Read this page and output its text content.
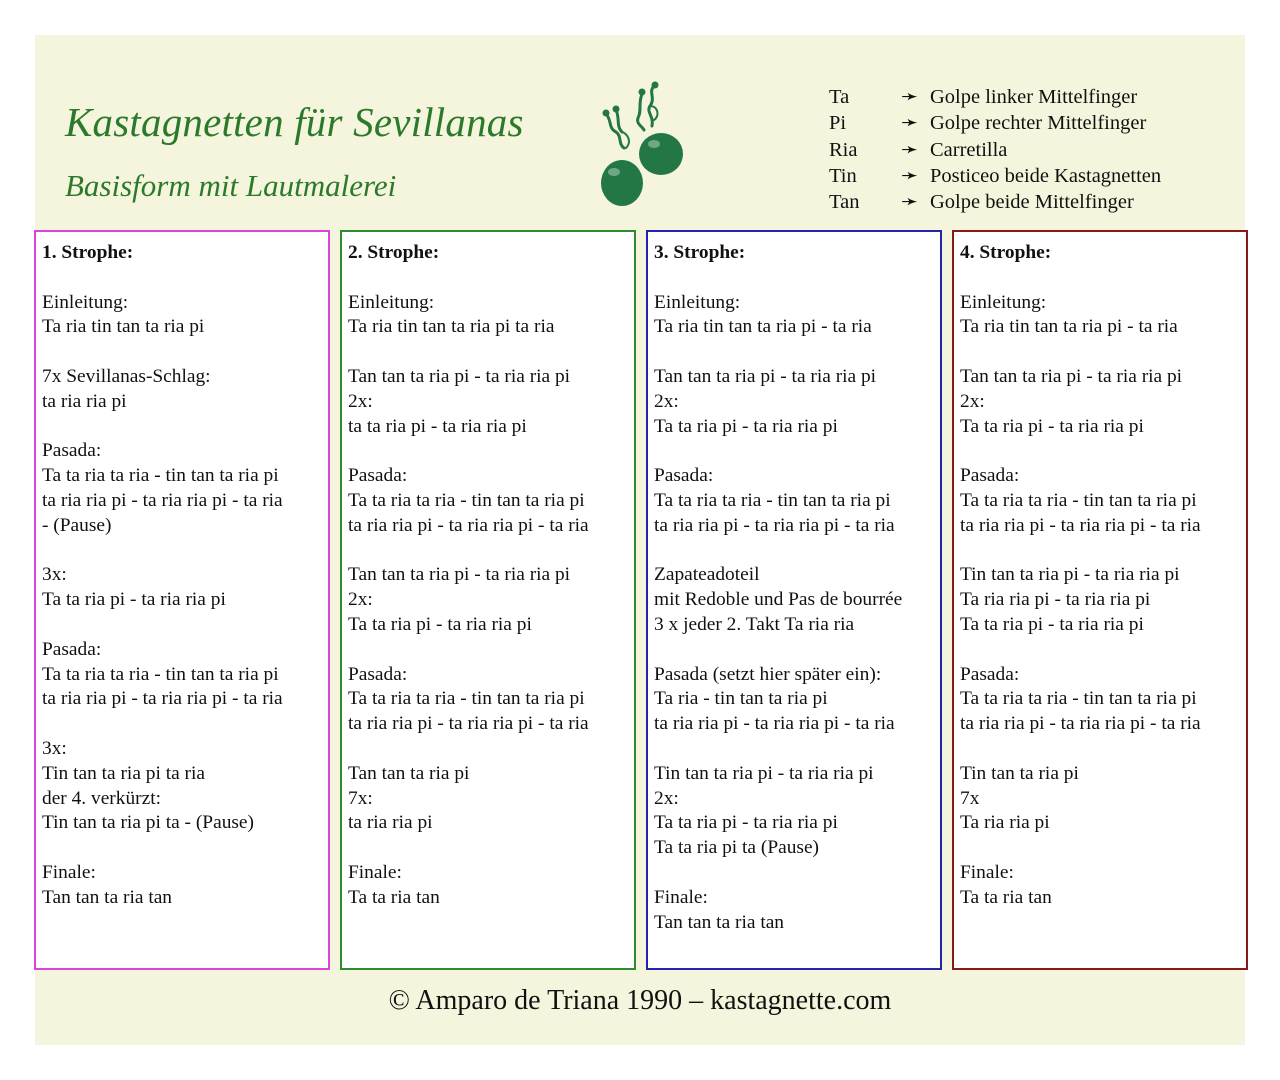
Kastagnetten für Sevillanas
Basisform mit Lautmalerei
Ta	➛ Golpe linker Mittelfinger
Pi	➛ Golpe rechter Mittelfinger
Ria	➛ Carretilla
Tin	➛ Posticeo beide Kastagnetten
Tan	➛ Golpe beide Mittelfinger
1. Strophe:
Einleitung:
Ta ria tin tan ta ria pi
7x Sevillanas-Schlag:
ta ria ria pi
Pasada:
Ta ta ria ta ria - tin tan ta ria pi
ta ria ria pi - ta ria ria pi - ta ria
- (Pause)
3x:
Ta ta ria pi - ta ria ria pi
Pasada:
Ta ta ria ta ria - tin tan ta ria pi
ta ria ria pi - ta ria ria pi - ta ria
3x:
Tin tan ta ria pi ta ria
der 4. verkürzt:
Tin tan ta ria pi ta - (Pause)
Finale:
Tan tan ta ria tan
2. Strophe:
Einleitung:
Ta ria tin tan ta ria pi ta ria
Tan tan ta ria pi - ta ria ria pi
2x:
ta ta ria pi - ta ria ria pi
Pasada:
Ta ta ria ta ria - tin tan ta ria pi
ta ria ria pi - ta ria ria pi - ta ria
Tan tan ta ria pi - ta ria ria pi
2x:
Ta ta ria pi - ta ria ria pi
Pasada:
Ta ta ria ta ria - tin tan ta ria pi
ta ria ria pi - ta ria ria pi - ta ria
Tan tan ta ria pi
7x:
ta ria ria pi
Finale:
Ta ta ria tan
3. Strophe:
Einleitung:
Ta ria tin tan ta ria pi - ta ria
Tan tan ta ria pi - ta ria ria pi
2x:
Ta ta ria pi - ta ria ria pi
Pasada:
Ta ta ria ta ria - tin tan ta ria pi
ta ria ria pi - ta ria ria pi - ta ria
Zapateadoteil
mit Redoble und Pas de bourrée
3 x jeder 2. Takt Ta ria ria
Pasada (setzt hier später ein):
Ta ria - tin tan ta ria pi
ta ria ria pi - ta ria ria pi - ta ria
Tin tan ta ria pi - ta ria ria pi
2x:
Ta ta ria pi - ta ria ria pi
Ta ta ria pi ta (Pause)
Finale:
Tan tan ta ria tan
4. Strophe:
Einleitung:
Ta ria tin tan ta ria pi - ta ria
Tan tan ta ria pi - ta ria ria pi
2x:
Ta ta ria pi - ta ria ria pi
Pasada:
Ta ta ria ta ria - tin tan ta ria pi
ta ria ria pi - ta ria ria pi - ta ria
Tin tan ta ria pi - ta ria ria pi
Ta ria ria pi - ta ria ria pi
Ta ta ria pi - ta ria ria pi
Pasada:
Ta ta ria ta ria - tin tan ta ria pi
ta ria ria pi - ta ria ria pi - ta ria
Tin tan ta ria pi
7x
Ta ria ria pi
Finale:
Ta ta ria tan
© Amparo de Triana 1990 – kastagnette.com
